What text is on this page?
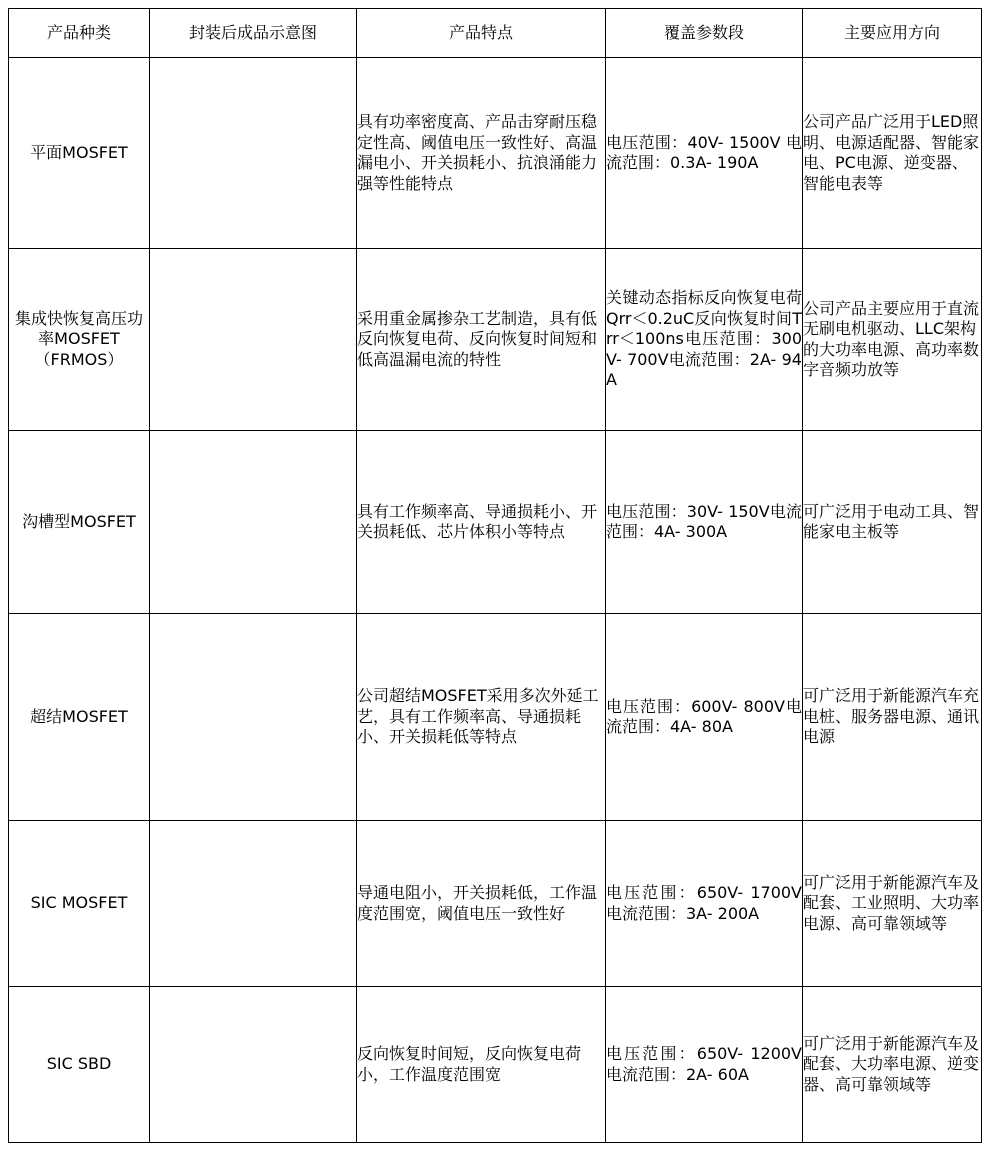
产品种类	封装后成品示意图	产品特点	覆盖参数段	主要应用方向
平面MOSFET		具有功率密度高、产品击穿耐压稳定性高、阈值电压一致性好、高温漏电小、开关损耗小、抗浪涌能力强等性能特点	电压范围：40V- 1500V 电流范围：0.3A- 190A	公司产品广泛用于LED照明、电源适配器、智能家电、PC电源、逆变器、智能电表等
集成快恢复高压功率MOSFET（FRMOS）		采用重金属掺杂工艺制造，具有低反向恢复电荷、反向恢复时间短和低高温漏电流的特性	关键动态指标反向恢复电荷Qrr＜0.2uC反向恢复时间Trr＜100ns电压范围：300V- 700V电流范围：2A- 94A	公司产品主要应用于直流无刷电机驱动、LLC架构的大功率电源、高功率数字音频功放等
沟槽型MOSFET		具有工作频率高、导通损耗小、开关损耗低、芯片体积小等特点	电压范围：30V- 150V电流范围：4A- 300A	可广泛用于电动工具、智能家电主板等
超结MOSFET		公司超结MOSFET采用多次外延工艺，具有工作频率高、导通损耗小、开关损耗低等特点	电压范围：600V- 800V电流范围：4A- 80A	可广泛用于新能源汽车充电桩、服务器电源、通讯电源
SIC MOSFET		导通电阻小，开关损耗低，工作温度范围宽，阈值电压一致性好	电压范围：650V- 1700V电流范围：3A- 200A	可广泛用于新能源汽车及配套、工业照明、大功率电源、高可靠领域等
SIC SBD		反向恢复时间短，反向恢复电荷小，工作温度范围宽	电压范围：650V- 1200V电流范围：2A- 60A	可广泛用于新能源汽车及配套、大功率电源、逆变器、高可靠领域等
